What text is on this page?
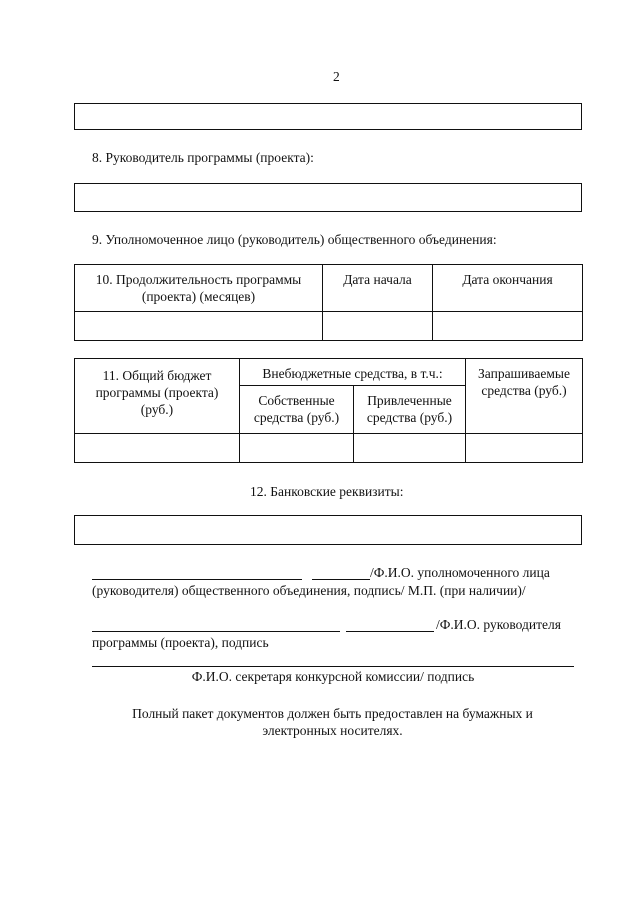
2
8. Руководитель программы (проекта):
9. Уполномоченное лицо (руководитель) общественного объединения:
10. Продолжительность программы (проекта) (месяцев)	Дата начала	Дата окончания

11. Общий бюджет программы (проекта) (руб.)	Внебюджетные средства, в т.ч.:		Запрашиваемые средства (руб.)
	Собственные средства (руб.)	Привлеченные средства (руб.)	

12. Банковские реквизиты:
/Ф.И.О. уполномоченного лица
(руководителя) общественного объединения, подпись/ М.П. (при наличии)/
/Ф.И.О. руководителя
программы (проекта), подпись
Ф.И.О. секретаря конкурсной комиссии/ подпись
Полный пакет документов должен быть предоставлен на бумажных и электронных носителях.
